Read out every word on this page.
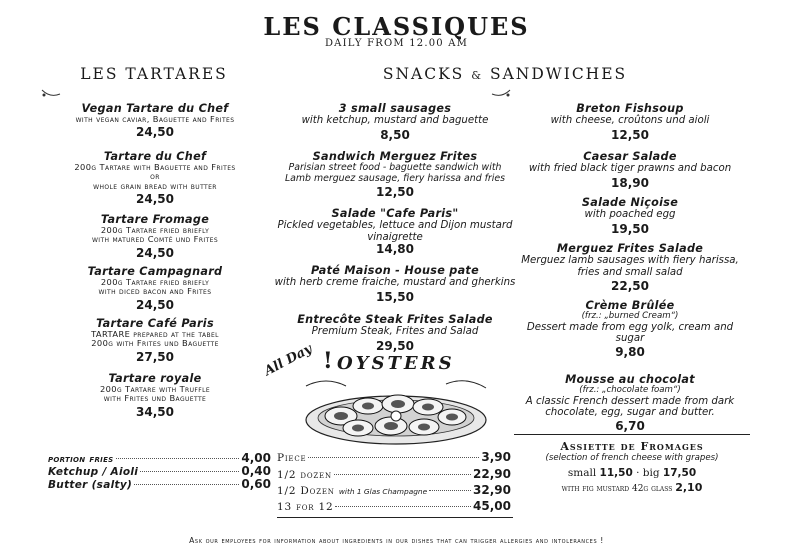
LES CLASSIQUES
DAILY FROM 12.00 AM
LES TARTARES	SNACKS & SANDWICHES
Vegan Tartare du Chef
with vegan caviar, Baguette and Frites
24,50
Tartare du Chef
200g Tartare with Baguette and Frites
or
whole grain bread with butter
24,50
Tartare Fromage
200g Tartare fried briefly
with matured Comté und Frites
24,50
Tartare Campagnard
200g Tartare fried briefly
with diced bacon and Frites
24,50
Tartare Café Paris
TARTARE prepared at the tabel
200g with Frites und Baguette
27,50
Tartare royale
200g Tartare with Truffle
with Frites und Baguette
34,50
portion fries	4,00
Ketchup / Aioli	0,40
Butter (salty)	0,60
3 small sausages
with ketchup, mustard and baguette
8,50
Sandwich Merguez Frites
Parisian street food - baguette sandwich with
Lamb merguez sausage, fiery harissa and fries
12,50
Salade "Cafe Paris"
Pickled vegetables, lettuce and Dijon mustard
vinaigrette
14,80
Paté Maison - House pate
with herb creme fraiche, mustard and gherkins
15,50
Entrecôte Steak Frites Salade
Premium Steak, Frites and Salad
29,50
Breton Fishsoup
with cheese, croûtons und aioli
12,50
Caesar Salade
with fried black tiger prawns and bacon
18,90
Salade Niçoise
with poached egg
19,50
Merguez Frites Salade
Merguez lamb sausages with fiery harissa,
fries and small salad
22,50
Crème Brûlée
(frz.: „burned Cream“)
Dessert made from egg yolk, cream and
sugar
9,80
Mousse au chocolat
(frz.: „chocolate foam“)
A classic French dessert made from dark
chocolate, egg, sugar and butter.
6,70
Assiette de Fromages
(selection of french cheese with grapes)
small 11,50 · big 17,50
with fig mustard 42g glass 2,10
All Day ! OYSTERS
Piece	3,90
1/2 dozen	22,90
1/2 Dozen with 1 Glas Champagne	32,90
13 for 12	45,00
Ask our employees for information about ingredients in our dishes that can trigger allergies and intolerances !
